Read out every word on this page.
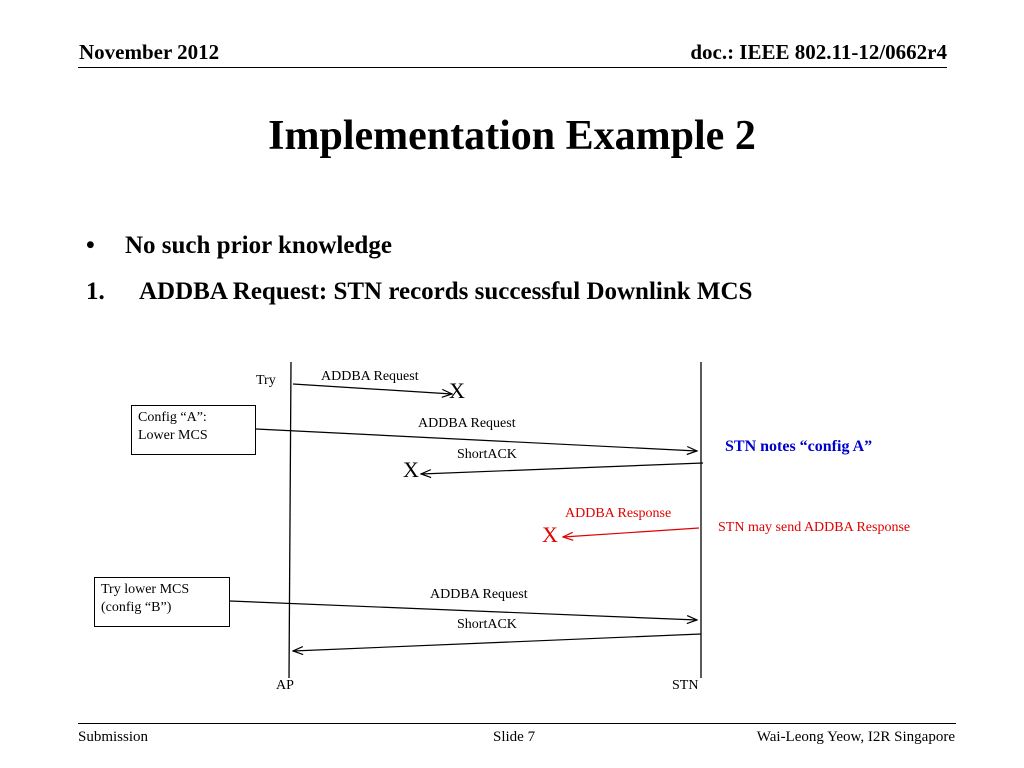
November 2012	doc.: IEEE 802.11-12/0662r4
Implementation Example 2
• No such prior knowledge
1. ADDBA Request: STN records successful Downlink MCS
Config “A”:
Lower MCS
Try lower MCS
(config “B”)
Try	ADDBA Request
ADDBA Request
ShortACK
ADDBA Response
ADDBA Request
ShortACK
AP	STN
STN notes “config A”
STN may send ADDBA Response
X
X
X
Submission	Slide 7	Wai-Leong Yeow, I2R Singapore
